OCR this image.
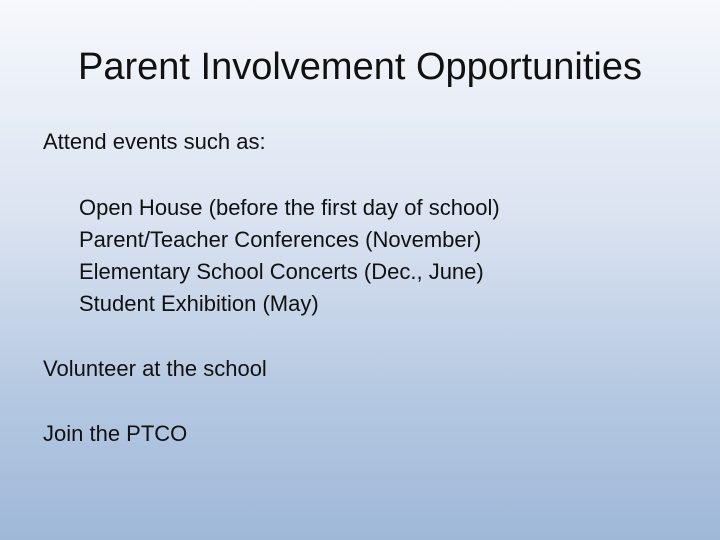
Parent Involvement Opportunities
Attend events such as:
Open House (before the first day of school)
Parent/Teacher Conferences (November)
Elementary School Concerts (Dec., June)
Student Exhibition (May)
Volunteer at the school
Join the PTCO
